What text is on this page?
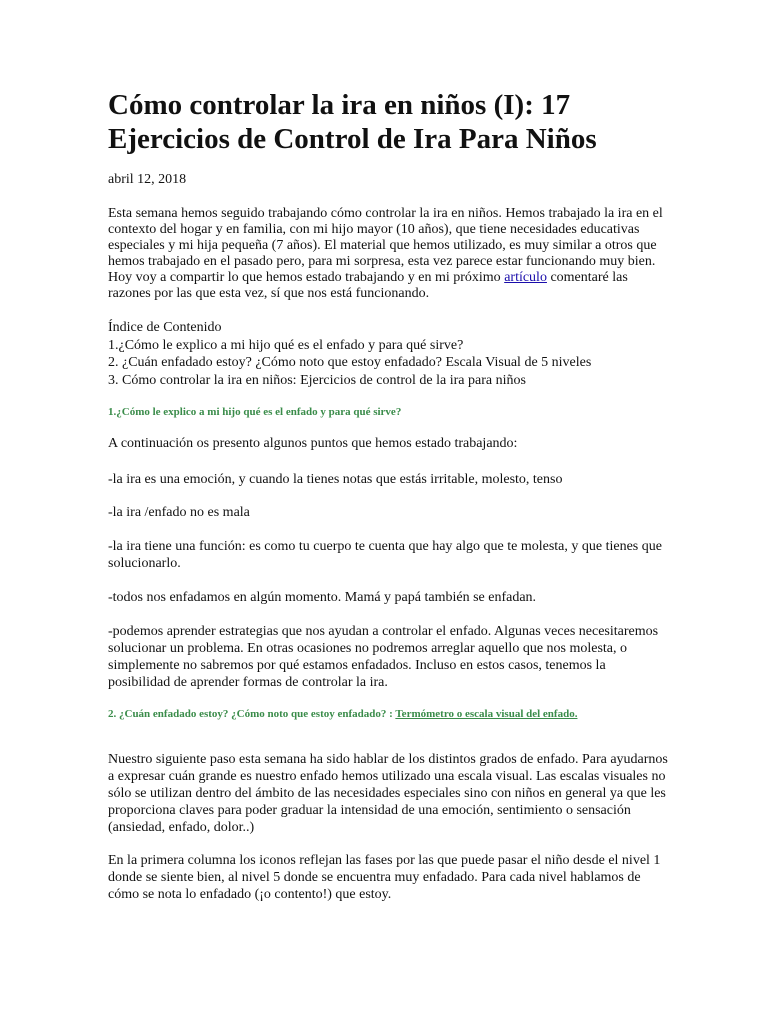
Cómo controlar la ira en niños (I): 17 Ejercicios de Control de Ira Para Niños
abril 12, 2018

Esta semana hemos seguido trabajando cómo controlar la ira en niños. Hemos trabajado la ira en el contexto del hogar y en familia, con mi hijo mayor (10 años), que tiene necesidades educativas especiales y mi hija pequeña (7 años). El material que hemos utilizado, es muy similar a otros que hemos trabajado en el pasado pero, para mi sorpresa, esta vez parece estar funcionando muy bien. Hoy voy a compartir lo que hemos estado trabajando y en mi próximo artículo comentaré las razones por las que esta vez, sí que nos está funcionando.

Índice de Contenido
1.¿Cómo le explico a mi hijo qué es el enfado y para qué sirve?
2. ¿Cuán enfadado estoy? ¿Cómo noto que estoy enfadado? Escala Visual de 5 niveles
3. Cómo controlar la ira en niños: Ejercicios de control de la ira para niños
1.¿Cómo le explico a mi hijo qué es el enfado y para qué sirve?

A continuación os presento algunos puntos que hemos estado trabajando:

-la ira es una emoción, y cuando la tienes notas que estás irritable, molesto, tenso

-la ira /enfado no es mala

-la ira tiene una función: es como tu cuerpo te cuenta que hay algo que te molesta, y que tienes que solucionarlo.

-todos nos enfadamos en algún momento. Mamá y papá también se enfadan.

-podemos aprender estrategias que nos ayudan a controlar el enfado. Algunas veces necesitaremos solucionar un problema. En otras ocasiones no podremos arreglar aquello que nos molesta, o simplemente no sabremos por qué estamos enfadados. Incluso en estos casos, tenemos la posibilidad de aprender formas de controlar la ira.

2. ¿Cuán enfadado estoy? ¿Cómo noto que estoy enfadado? : Termómetro o escala visual del enfado.

Nuestro siguiente paso esta semana ha sido hablar de los distintos grados de enfado. Para ayudarnos a expresar cuán grande es nuestro enfado hemos utilizado una escala visual. Las escalas visuales no sólo se utilizan dentro del ámbito de las necesidades especiales sino con niños en general ya que les proporciona claves para poder graduar la intensidad de una emoción, sentimiento o sensación (ansiedad, enfado, dolor..)

En la primera columna los iconos reflejan las fases por las que puede pasar el niño desde el nivel 1 donde se siente bien, al nivel 5 donde se encuentra muy enfadado. Para cada nivel hablamos de cómo se nota lo enfadado (¡o contento!) que estoy.
